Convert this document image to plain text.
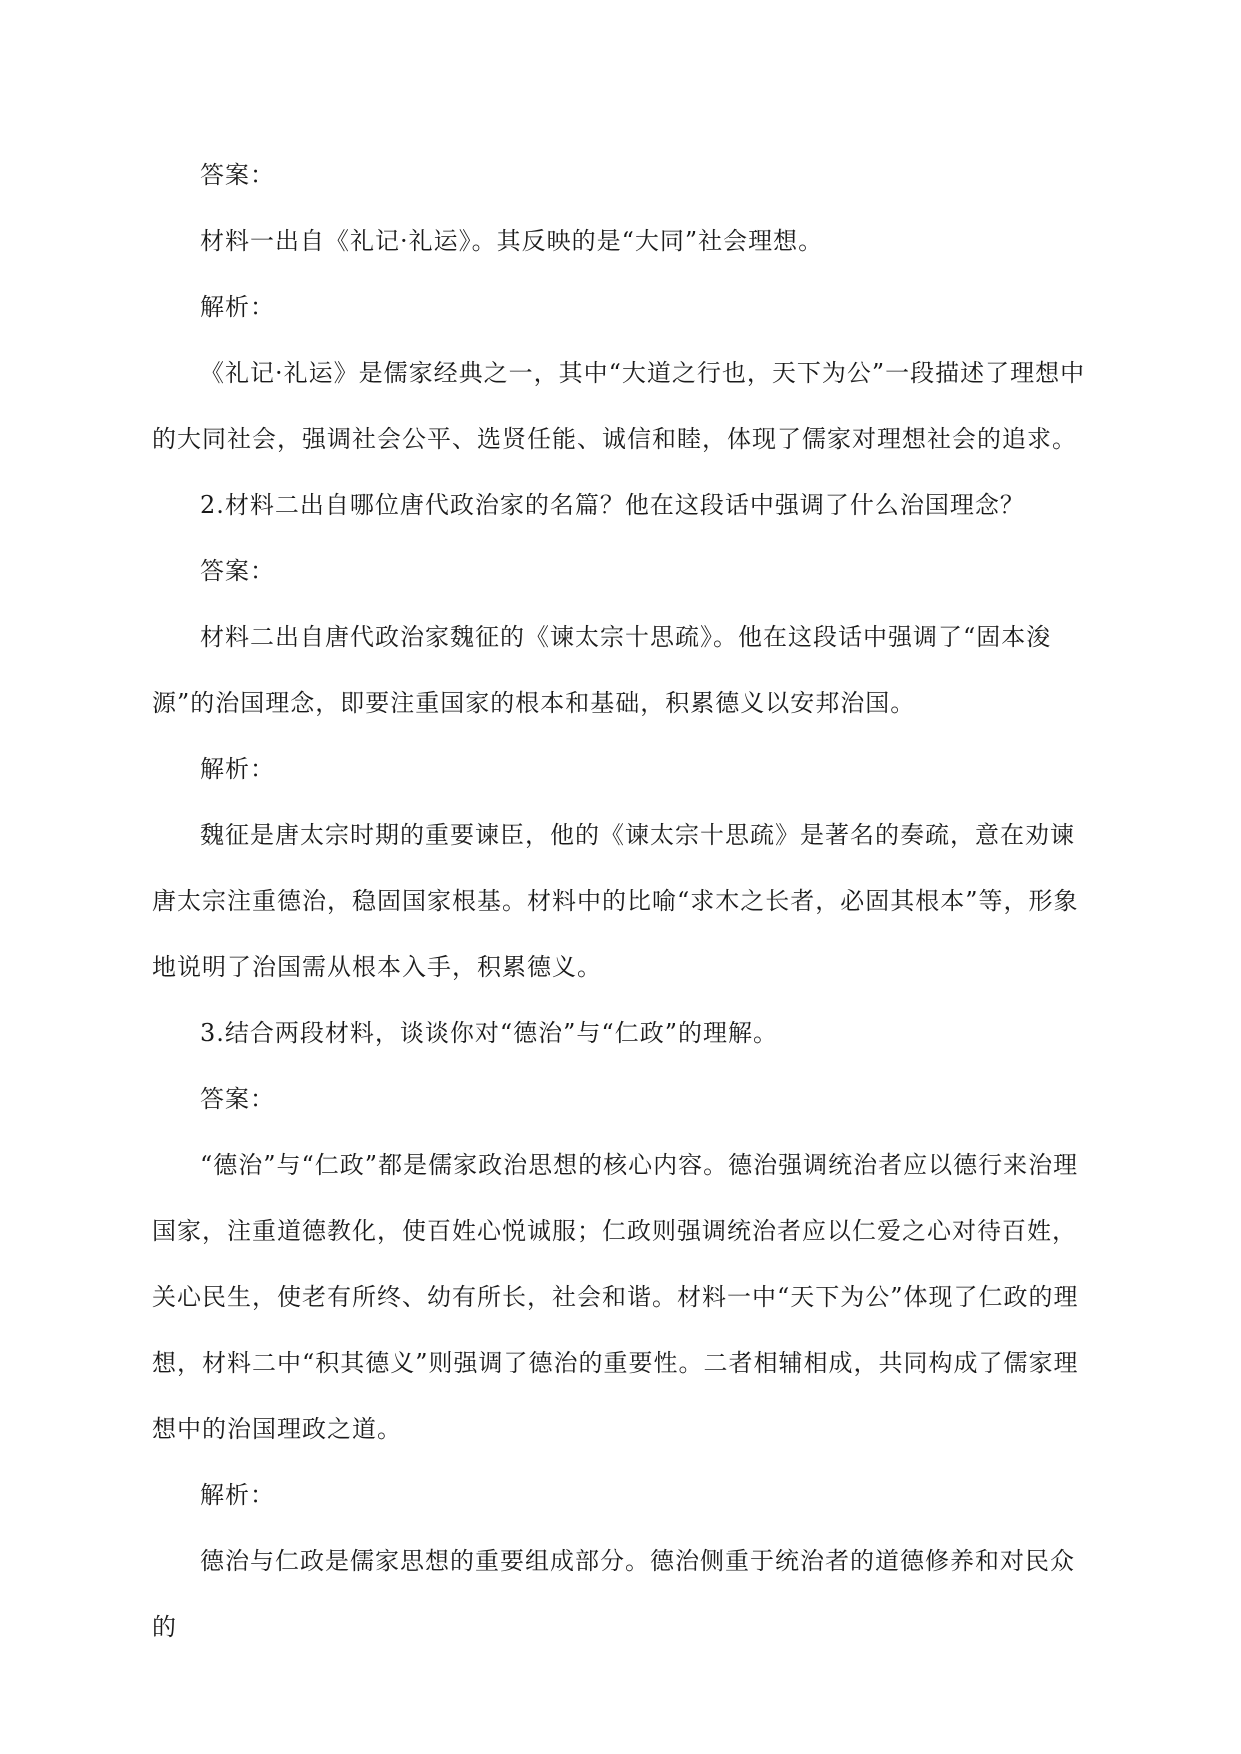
答案：

材料一出自《礼记·礼运》。其反映的是“大同”社会理想。

解析：

《礼记·礼运》是儒家经典之一，其中“大道之行也，天下为公”一段描述了理想中的大同社会，强调社会公平、选贤任能、诚信和睦，体现了儒家对理想社会的追求。

2.材料二出自哪位唐代政治家的名篇？他在这段话中强调了什么治国理念？

答案：

材料二出自唐代政治家魏征的《谏太宗十思疏》。他在这段话中强调了“固本浚源”的治国理念，即要注重国家的根本和基础，积累德义以安邦治国。

解析：

魏征是唐太宗时期的重要谏臣，他的《谏太宗十思疏》是著名的奏疏，意在劝谏唐太宗注重德治，稳固国家根基。材料中的比喻“求木之长者，必固其根本”等，形象地说明了治国需从根本入手，积累德义。

3.结合两段材料，谈谈你对“德治”与“仁政”的理解。

答案：

“德治”与“仁政”都是儒家政治思想的核心内容。德治强调统治者应以德行来治理国家，注重道德教化，使百姓心悦诚服；仁政则强调统治者应以仁爱之心对待百姓，关心民生，使老有所终、幼有所长，社会和谐。材料一中“天下为公”体现了仁政的理想，材料二中“积其德义”则强调了德治的重要性。二者相辅相成，共同构成了儒家理想中的治国理政之道。

解析：

德治与仁政是儒家思想的重要组成部分。德治侧重于统治者的道德修养和对民众的
